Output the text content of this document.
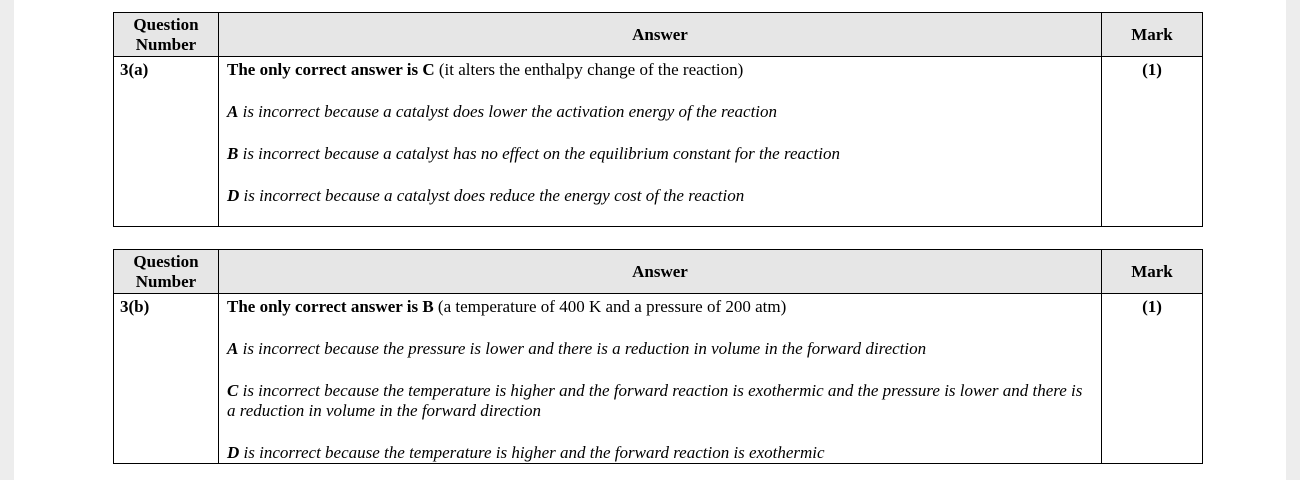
Question
Number	Answer	Mark
3(a)	The only correct answer is C (it alters the enthalpy change of the reaction)

A is incorrect because a catalyst does lower the activation energy of the reaction

B is incorrect because a catalyst has no effect on the equilibrium constant for the reaction

D is incorrect because a catalyst does reduce the energy cost of the reaction	(1)
Question
Number	Answer	Mark
3(b)	The only correct answer is B (a temperature of 400 K and a pressure of 200 atm)

A is incorrect because the pressure is lower and there is a reduction in volume in the forward direction

C is incorrect because the temperature is higher and the forward reaction is exothermic and the pressure is lower and there is a reduction in volume in the forward direction

D is incorrect because the temperature is higher and the forward reaction is exothermic	(1)
